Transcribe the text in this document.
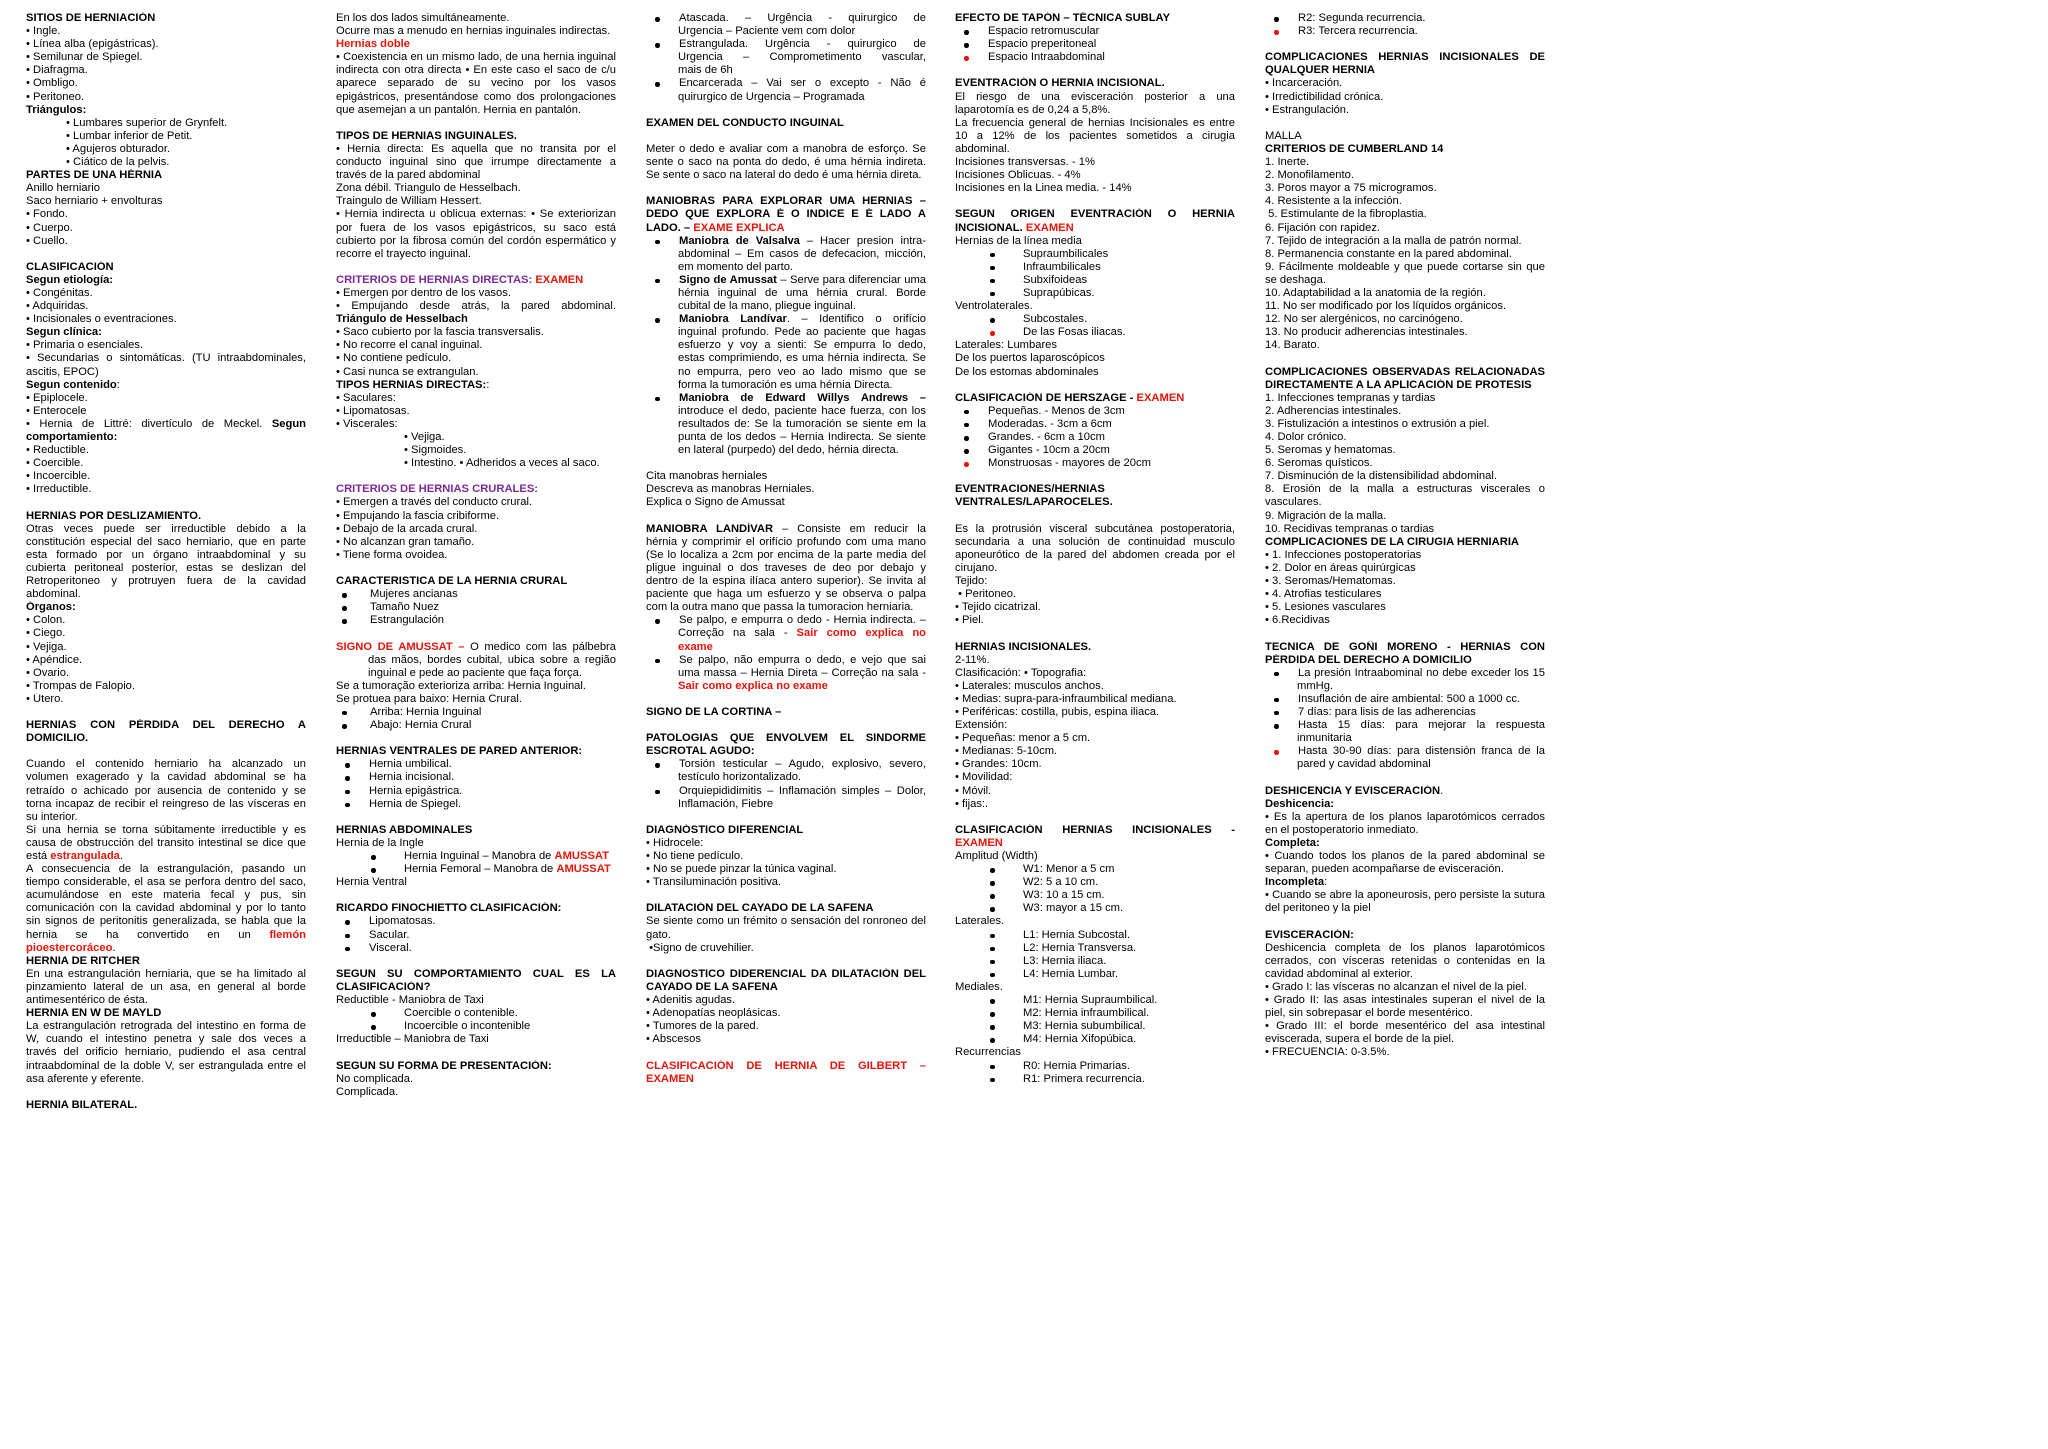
SITIOS DE HERNIACIÓN
• Ingle.
• Línea alba (epigástricas).
• Semilunar de Spiegel.
• Diafragma.
• Ombligo.
• Peritoneo.
Triángulos:
• Lumbares superior de Grynfelt.
• Lumbar inferior de Petit.
• Agujeros obturador.
• Ciático de la pelvis.
PARTES DE UNA HÉRNIA
Anillo herniario
Saco herniario + envolturas
• Fondo.
• Cuerpo.
• Cuello.
CLASIFICACIÓN
Segun etiología:
• Congénitas.
• Adquiridas.
• Incisionales o eventraciones.
Segun clínica:
• Primaria o esenciales.
• Secundarias o sintomáticas. (TU intraabdominales,
ascitis, EPOC)
Segun contenido:
• Epiplocele.
• Enterocele
• Hernia de Littré: divertículo de Meckel. Segun
comportamiento:
• Reductible.
• Coercible.
• Incoercible.
• Irreductible.
HERNIAS POR DESLIZAMIENTO.
Otras veces puede ser irreductible debido a la
constitución especial del saco herniario, que en parte
esta formado por un órgano intraabdominal y su
cubierta peritoneal posterior, estas se deslizan del
Retroperitoneo y protruyen fuera de la cavidad
abdominal.
Órganos:
• Colon.
• Ciego.
• Vejiga.
• Apéndice.
• Ovario.
• Trompas de Falopio.
• Útero.
HERNIAS CON PÉRDIDA DEL DERECHO A
DOMICILIO.
Cuando el contenido herniario ha alcanzado un
volumen exagerado y la cavidad abdominal se ha
retraído o achicado por ausencia de contenido y se
torna incapaz de recibir el reingreso de las vísceras en
su interior.
Si una hernia se torna súbitamente irreductible y es
causa de obstrucción del transito intestinal se dice que
está estrangulada.
A consecuencia de la estrangulación, pasando un
tiempo considerable, el asa se perfora dentro del saco,
acumulándose en este materia fecal y pus, sin
comunicación con la cavidad abdominal y por lo tanto
sin signos de peritonitis generalizada, se habla que la
hernia se ha convertido en un flemón
pioestercoráceo.
HERNIA DE RITCHER
En una estrangulación herniaria, que se ha limitado al
pinzamiento lateral de un asa, en general al borde
antimesentérico de ésta.
HERNIA EN W DE MAYLD
La estrangulación retrograda del intestino en forma de
W, cuando el intestino penetra y sale dos veces a
través del orificio herniario, pudiendo el asa central
intraabdominal de la doble V, ser estrangulada entre el
asa aferente y eferente.
HERNIA BILATERAL.
En los dos lados simultáneamente.
Ocurre mas a menudo en hernias inguinales indirectas.
Hernias doble
• Coexistencia en un mismo lado, de una hernia inguinal
indirecta con otra directa • En este caso el saco de c/u
aparece separado de su vecino por los vasos
epigástricos, presentándose como dos prolongaciones
que asemejan a un pantalón. Hernia en pantalón.
TIPOS DE HERNIAS INGUINALES.
• Hernia directa: Es aquella que no transita por el
conducto inguinal sino que irrumpe directamente a
través de la pared abdominal
Zona débil. Triangulo de Hesselbach.
Traingulo de William Hessert.
• Hernia indirecta u oblicua externas: • Se exteriorizan
por fuera de los vasos epigástricos, su saco está
cubierto por la fibrosa común del cordón espermático y
recorre el trayecto inguinal.
CRITERIOS DE HERNIAS DIRECTAS: EXAMEN
• Emergen por dentro de los vasos.
• Empujando desde atrás, la pared abdominal.
Triángulo de Hesselbach
• Saco cubierto por la fascia transversalis.
• No recorre el canal inguinal.
• No contiene pedículo.
• Casi nunca se extrangulan.
TIPOS HERNIAS DIRECTAS::
• Saculares:
• Lipomatosas.
• Viscerales:
• Vejiga.
• Sigmoides.
• Intestino. • Adheridos a veces al saco.
CRITERIOS DE HERNIAS CRURALES:
• Emergen a través del conducto crural.
• Empujando la fascia cribiforme.
• Debajo de la arcada crural.
• No alcanzan gran tamaño.
• Tiene forma ovoidea.
CARACTERISTICA DE LA HERNIA CRURAL
Mujeres ancianas
Tamaño Nuez
Estrangulación
SIGNO DE AMUSSAT – O medico com las pálbebra
das mãos, bordes cubital, ubica sobre a região
inguinal e pede ao paciente que faça força.
Se a tumoração exterioriza arriba: Hernia Inguinal.
Se protuea para baixo: Hernia Crural.
Arriba: Hernia Inguinal
Abajo: Hernia Crural
HERNIAS VENTRALES DE PARED ANTERIOR:
Hernia umbilical.
Hernia incisional.
Hernia epigástrica.
Hernia de Spiegel.
HERNIAS ABDOMINALES
Hernia de la Ingle
Hernia Inguinal – Manobra de AMUSSAT
Hernia Femoral – Manobra de AMUSSAT
Hernia Ventral
RICARDO FINOCHIETTO CLASIFICACIÓN:
Lipomatosas.
Sacular.
Visceral.
SEGUN SU COMPORTAMIENTO CUAL ES LA
CLASIFICACIÓN?
Reductible - Maniobra de Taxi
Coercible o contenible.
Incoercible o incontenible
Irreductible – Maniobra de Taxi
SEGUN SU FORMA DE PRESENTACIÓN:
No complicada.
Complicada.
Atascada. – Urgência - quirurgico de
Urgencia – Paciente vem com dolor
Estrangulada. Urgência - quirurgico de
Urgencia – Comprometimento vascular,
mais de 6h
Encarcerada – Vai ser o excepto - Não é
quirurgico de Urgencia – Programada
EXAMEN DEL CONDUCTO INGUINAL
Meter o dedo e avaliar com a manobra de esforço. Se
sente o saco na ponta do dedo, é uma hérnia indireta.
Se sente o saco na lateral do dedo é uma hérnia direta.
MANIOBRAS PARA EXPLORAR UMA HERNIAS –
DEDO QUE EXPLORA É O INDICE E É LADO A
LADO. – EXAME EXPLICA
Maniobra de Valsalva – Hacer presion intra-
abdominal – Em casos de defecacion, micción,
em momento del parto.
Signo de Amussat – Serve para diferenciar uma
hérnia inguinal de uma hérnia crural. Borde
cubital de la mano, pliegue inguinal.
Maniobra Landívar. – Identifico o orifício
inguinal profundo. Pede ao paciente que hagas
esfuerzo y voy a sienti: Se empurra lo dedo,
estas comprimiendo, es uma hérnia indirecta. Se
no empurra, pero veo ao lado mismo que se
forma la tumoración es uma hérnia Directa.
Maniobra de Edward Willys Andrews –
introduce el dedo, paciente hace fuerza, con los
resultados de: Se la tumoración se siente em la
punta de los dedos – Hernia Indirecta. Se siente
en lateral (purpedo) del dedo, hérnia directa.
Cita manobras herniales
Descreva as manobras Herniales.
Explica o Signo de Amussat
MANIOBRA LANDÍVAR – Consiste em reducir la
hérnia y comprimir el orifício profundo com uma mano
(Se lo localiza a 2cm por encima de la parte media del
pligue inguinal o dos traveses de deo por debajo y
dentro de la espina ilíaca antero superior). Se invita al
paciente que haga um esfuerzo y se observa o palpa
com la outra mano que passa la tumoracion herniaria.
Se palpo, e empurra o dedo - Hernia indirecta. –
Correção na sala - Sair como explica no
exame
Se palpo, não empurra o dedo, e vejo que sai
uma massa – Hernia Direta – Correção na sala -
Sair como explica no exame
SIGNO DE LA CORTINA –
PATOLOGIAS QUE ENVOLVEM EL SINDORME
ESCROTAL AGUDO:
Torsión testicular – Agudo, explosivo, severo,
testículo horizontalizado.
Orquiepididimitis – Inflamación simples – Dolor,
Inflamación, Fiebre
DIAGNÓSTICO DIFERENCIAL
• Hidrocele:
• No tiene pedículo.
• No se puede pinzar la túnica vaginal.
• Transiluminación positiva.
DILATACIÓN DEL CAYADO DE LA SAFENA
Se siente como un frémito o sensación del ronroneo del
gato.
•Signo de cruvehilier.
DIAGNOSTICO DIDERENCIAL DA DILATACIÓN DEL
CAYADO DE LA SAFENA
• Adenitis agudas.
• Adenopatías neoplásicas.
• Tumores de la pared.
• Abscesos
CLASIFICACIÓN DE HERNIA DE GILBERT –
EXAMEN
EFECTO DE TAPÓN – TÉCNICA SUBLAY
Espacio retromuscular
Espacio preperitoneal
Espacio Intraabdominal
EVENTRACIÓN O HERNIA INCISIONAL.
El riesgo de una evisceración posterior a una
laparotomía es de 0,24 a 5,8%.
La frecuencia general de hernias Incisionales es entre
10 a 12% de los pacientes sometidos a cirugia
abdominal.
Incisiones transversas. - 1%
Incisiones Oblicuas. - 4%
Incisiones en la Linea media. - 14%
SEGUN ORIGEN EVENTRACIÓN O HERNIA
INCISIONAL. EXAMEN
Hernias de la línea media
Supraumbilicales
Infraumbilicales
Subxifoideas
Suprapúbicas.
Ventrolaterales.
Subcostales.
De las Fosas iliacas.
Laterales: Lumbares
De los puertos laparoscópicos
De los estomas abdominales
CLASIFICACIÓN DE HERSZAGE - EXAMEN
Pequeñas. - Menos de 3cm
Moderadas. - 3cm a 6cm
Grandes. - 6cm a 10cm
Gigantes - 10cm a 20cm
Monstruosas - mayores de 20cm
EVENTRACIONES/HERNIAS
VENTRALES/LAPAROCELES.
Es la protrusión visceral subcutánea postoperatoria,
secundaria a una solución de continuidad musculo
aponeurótico de la pared del abdomen creada por el
cirujano.
Tejido:
• Peritoneo.
• Tejido cicatrizal.
• Piel.
HERNIAS INCISIONALES.
2-11%.
Clasificación: • Topografia:
• Laterales: musculos anchos.
• Medias: supra-para-infraumbilical mediana.
• Periféricas: costilla, pubis, espina iliaca.
Extensión:
• Pequeñas: menor a 5 cm.
• Medianas: 5-10cm.
• Grandes: 10cm.
• Movilidad:
• Móvil.
• fijas:.
CLASIFICACIÓN HERNIAS INCISIONALES -
EXAMEN
Amplitud (Width)
W1: Menor a 5 cm
W2: 5 a 10 cm.
W3: 10 a 15 cm.
W3: mayor a 15 cm.
Laterales.
L1: Hernia Subcostal.
L2: Hernia Transversa.
L3: Hernia iliaca.
L4: Hernia Lumbar.
Mediales.
M1: Hernia Supraumbilical.
M2: Hernia infraumbilical.
M3: Hernia subumbilical.
M4: Hernia Xifopúbica.
Recurrencias
R0: Hernia Primarias.
R1: Primera recurrencia.
R2: Segunda recurrencia.
R3: Tercera recurrencia.
COMPLICACIONES HERNIAS INCISIONALES DE
QUALQUER HERNIA
• Incarceración.
• Irredictibilidad crónica.
• Estrangulación.
MALLA
CRITERIOS DE CUMBERLAND 14
1. Inerte.
2. Monofilamento.
3. Poros mayor a 75 microgramos.
4. Resistente a la infección.
5. Estimulante de la fibroplastia.
6. Fijación con rapidez.
7. Tejido de integración a la malla de patrón normal.
8. Permanencia constante en la pared abdominal.
9. Fácilmente moldeable y que puede cortarse sin que
se deshaga.
10. Adaptabilidad a la anatomia de la región.
11. No ser modificado por los líquidos orgánicos.
12. No ser alergénicos, no carcinógeno.
13. No producir adherencias intestinales.
14. Barato.
COMPLICACIONES OBSERVADAS RELACIONADAS
DIRECTAMENTE A LA APLICACIÓN DE PROTESIS
1. Infecciones tempranas y tardias
2. Adherencias intestinales.
3. Fistulización a intestinos o extrusión a piel.
4. Dolor crónico.
5. Seromas y hematomas.
6. Seromas quísticos.
7. Disminución de la distensibilidad abdominal.
8. Erosión de la malla a estructuras viscerales o
vasculares.
9. Migración de la malla.
10. Recidivas tempranas o tardias
COMPLICACIONES DE LA CIRUGIA HERNIARIA
• 1. Infecciones postoperatorias
• 2. Dolor en áreas quirúrgicas
• 3. Seromas/Hematomas.
• 4. Atrofias testiculares
• 5. Lesiones vasculares
• 6.Recidivas
TECNICA DE GOÑI MORENO - HERNIAS CON
PÉRDIDA DEL DERECHO A DOMICILIO
La presión Intraabominal no debe exceder los 15
mmHg.
Insuflación de aire ambiental: 500 a 1000 cc.
7 días: para lisis de las adherencias
Hasta 15 días: para mejorar la respuesta
inmunitaria
Hasta 30-90 días: para distensión franca de la
pared y cavidad abdominal
DESHICENCIA Y EVISCERACIÓN.
Deshicencia:
• Es la apertura de los planos laparotómicos cerrados
en el postoperatorio inmediato.
Completa:
• Cuando todos los planos de la pared abdominal se
separan, pueden acompañarse de evisceración.
Incompleta:
• Cuando se abre la aponeurosis, pero persiste la sutura
del peritoneo y la piel
EVISCERACIÓN:
Deshicencia completa de los planos laparotómicos
cerrados, con vísceras retenidas o contenidas en la
cavidad abdominal al exterior.
• Grado I: las vísceras no alcanzan el nivel de la piel.
• Grado II: las asas intestinales superan el nivel de la
piel, sin sobrepasar el borde mesentérico.
• Grado III: el borde mesentérico del asa intestinal
eviscerada, supera el borde de la piel.
• FRECUENCIA: 0-3.5%.
